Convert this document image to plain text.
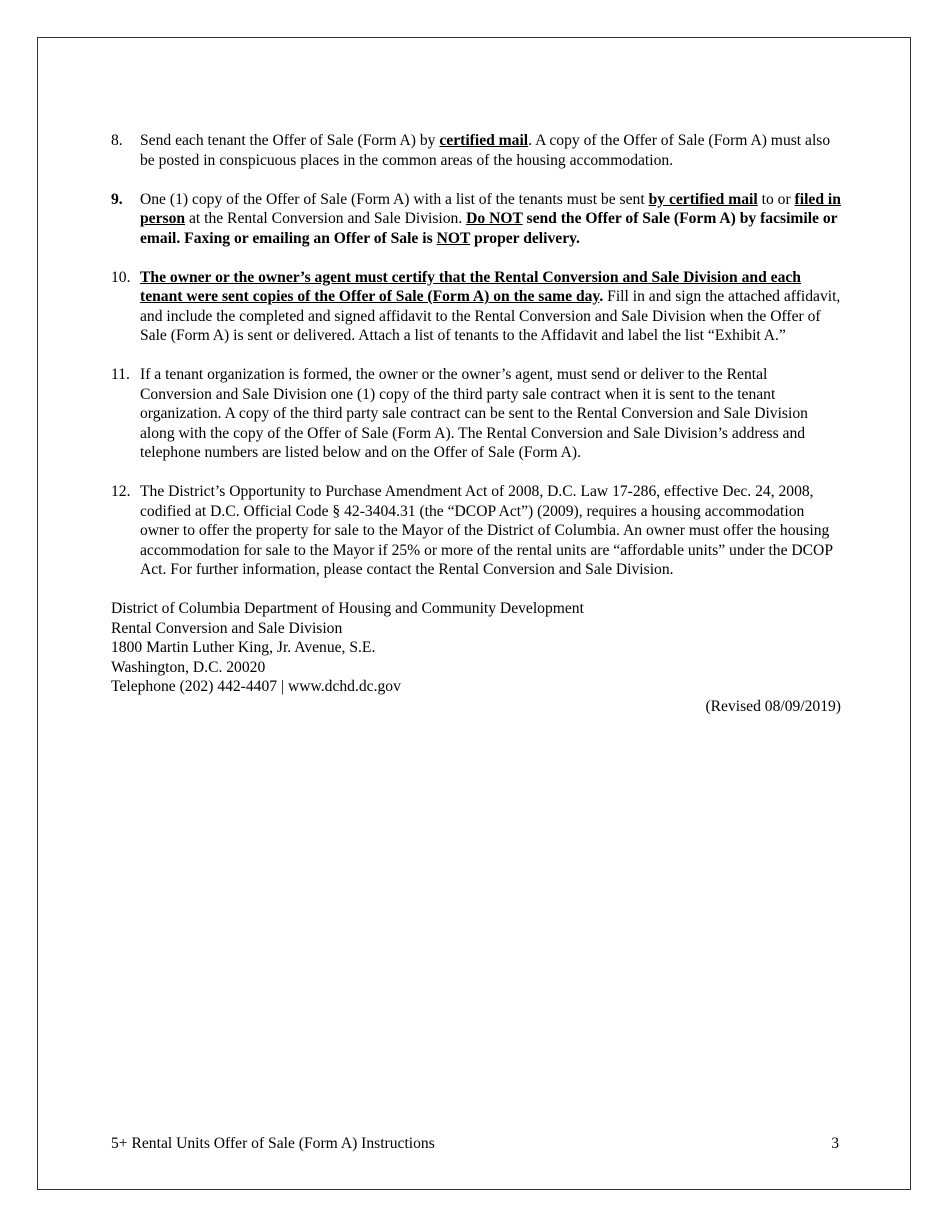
8. Send each tenant the Offer of Sale (Form A) by certified mail. A copy of the Offer of Sale (Form A) must also be posted in conspicuous places in the common areas of the housing accommodation.
9. One (1) copy of the Offer of Sale (Form A) with a list of the tenants must be sent by certified mail to or filed in person at the Rental Conversion and Sale Division. Do NOT send the Offer of Sale (Form A) by facsimile or email. Faxing or emailing an Offer of Sale is NOT proper delivery.
10. The owner or the owner’s agent must certify that the Rental Conversion and Sale Division and each tenant were sent copies of the Offer of Sale (Form A) on the same day. Fill in and sign the attached affidavit, and include the completed and signed affidavit to the Rental Conversion and Sale Division when the Offer of Sale (Form A) is sent or delivered. Attach a list of tenants to the Affidavit and label the list “Exhibit A.”
11. If a tenant organization is formed, the owner or the owner’s agent, must send or deliver to the Rental Conversion and Sale Division one (1) copy of the third party sale contract when it is sent to the tenant organization. A copy of the third party sale contract can be sent to the Rental Conversion and Sale Division along with the copy of the Offer of Sale (Form A). The Rental Conversion and Sale Division’s address and telephone numbers are listed below and on the Offer of Sale (Form A).
12. The District’s Opportunity to Purchase Amendment Act of 2008, D.C. Law 17-286, effective Dec. 24, 2008, codified at D.C. Official Code § 42-3404.31 (the “DCOP Act”) (2009), requires a housing accommodation owner to offer the property for sale to the Mayor of the District of Columbia. An owner must offer the housing accommodation for sale to the Mayor if 25% or more of the rental units are “affordable units” under the DCOP Act. For further information, please contact the Rental Conversion and Sale Division.
District of Columbia Department of Housing and Community Development
Rental Conversion and Sale Division
1800 Martin Luther King, Jr. Avenue, S.E.
Washington, D.C. 20020
Telephone (202) 442-4407 | www.dchd.dc.gov
(Revised 08/09/2019)
5+ Rental Units Offer of Sale (Form A) Instructions	3
